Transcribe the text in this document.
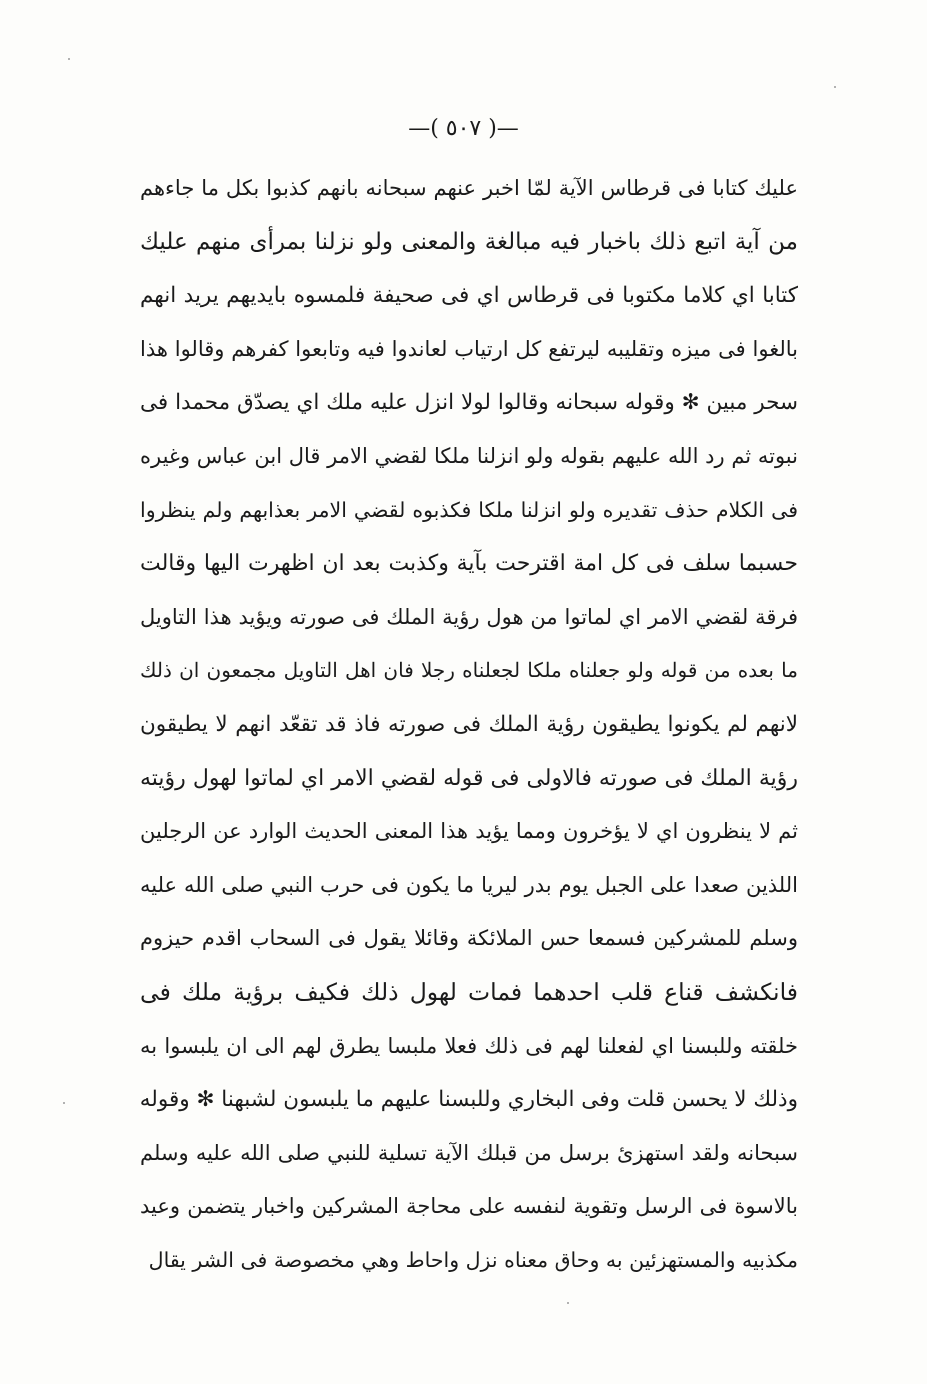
—( ٥٠٧ )—
عليك كتابا فى قرطاس الآية لمّا اخبر عنهم سبحانه بانهم كذبوا بكل ما جاءهم
من آية اتبع ذلك باخبار فيه مبالغة والمعنى ولو نزلنا بمرأى منهم عليك
كتابا اي كلاما مكتوبا فى قرطاس اي فى صحيفة فلمسوه بايديهم يريد انهم
بالغوا فى ميزه وتقليبه ليرتفع كل ارتياب لعاندوا فيه وتابعوا كفرهم وقالوا هذا
سحر مبين ✻ وقوله سبحانه وقالوا لولا انزل عليه ملك اي يصدّق محمدا فى
نبوته ثم رد الله عليهم بقوله ولو انزلنا ملكا لقضي الامر قال ابن عباس وغيره
فى الكلام حذف تقديره ولو انزلنا ملكا فكذبوه لقضي الامر بعذابهم ولم ينظروا
حسبما سلف فى كل امة اقترحت بآية وكذبت بعد ان اظهرت اليها وقالت
فرقة لقضي الامر اي لماتوا من هول رؤية الملك فى صورته ويؤيد هذا التاويل
ما بعده من قوله ولو جعلناه ملكا لجعلناه رجلا فان اهل التاويل مجمعون ان ذلك
لانهم لم يكونوا يطيقون رؤية الملك فى صورته فاذ قد تقعّد انهم لا يطيقون
رؤية الملك فى صورته فالاولى فى قوله لقضي الامر اي لماتوا لهول رؤيته
ثم لا ينظرون اي لا يؤخرون ومما يؤيد هذا المعنى الحديث الوارد عن الرجلين
اللذين صعدا على الجبل يوم بدر ليريا ما يكون فى حرب النبي صلى الله عليه
وسلم للمشركين فسمعا حس الملائكة وقائلا يقول فى السحاب اقدم حيزوم
فانكشف قناع قلب احدهما فمات لهول ذلك فكيف برؤية ملك فى
خلقته وللبسنا اي لفعلنا لهم فى ذلك فعلا ملبسا يطرق لهم الى ان يلبسوا به
وذلك لا يحسن قلت وفى البخاري وللبسنا عليهم ما يلبسون لشبهنا ✻ وقوله
سبحانه ولقد استهزئ برسل من قبلك الآية تسلية للنبي صلى الله عليه وسلم
بالاسوة فى الرسل وتقوية لنفسه على محاجة المشركين واخبار يتضمن وعيد
مكذبيه والمستهزئين به وحاق معناه نزل واحاط وهي مخصوصة فى الشر يقال
